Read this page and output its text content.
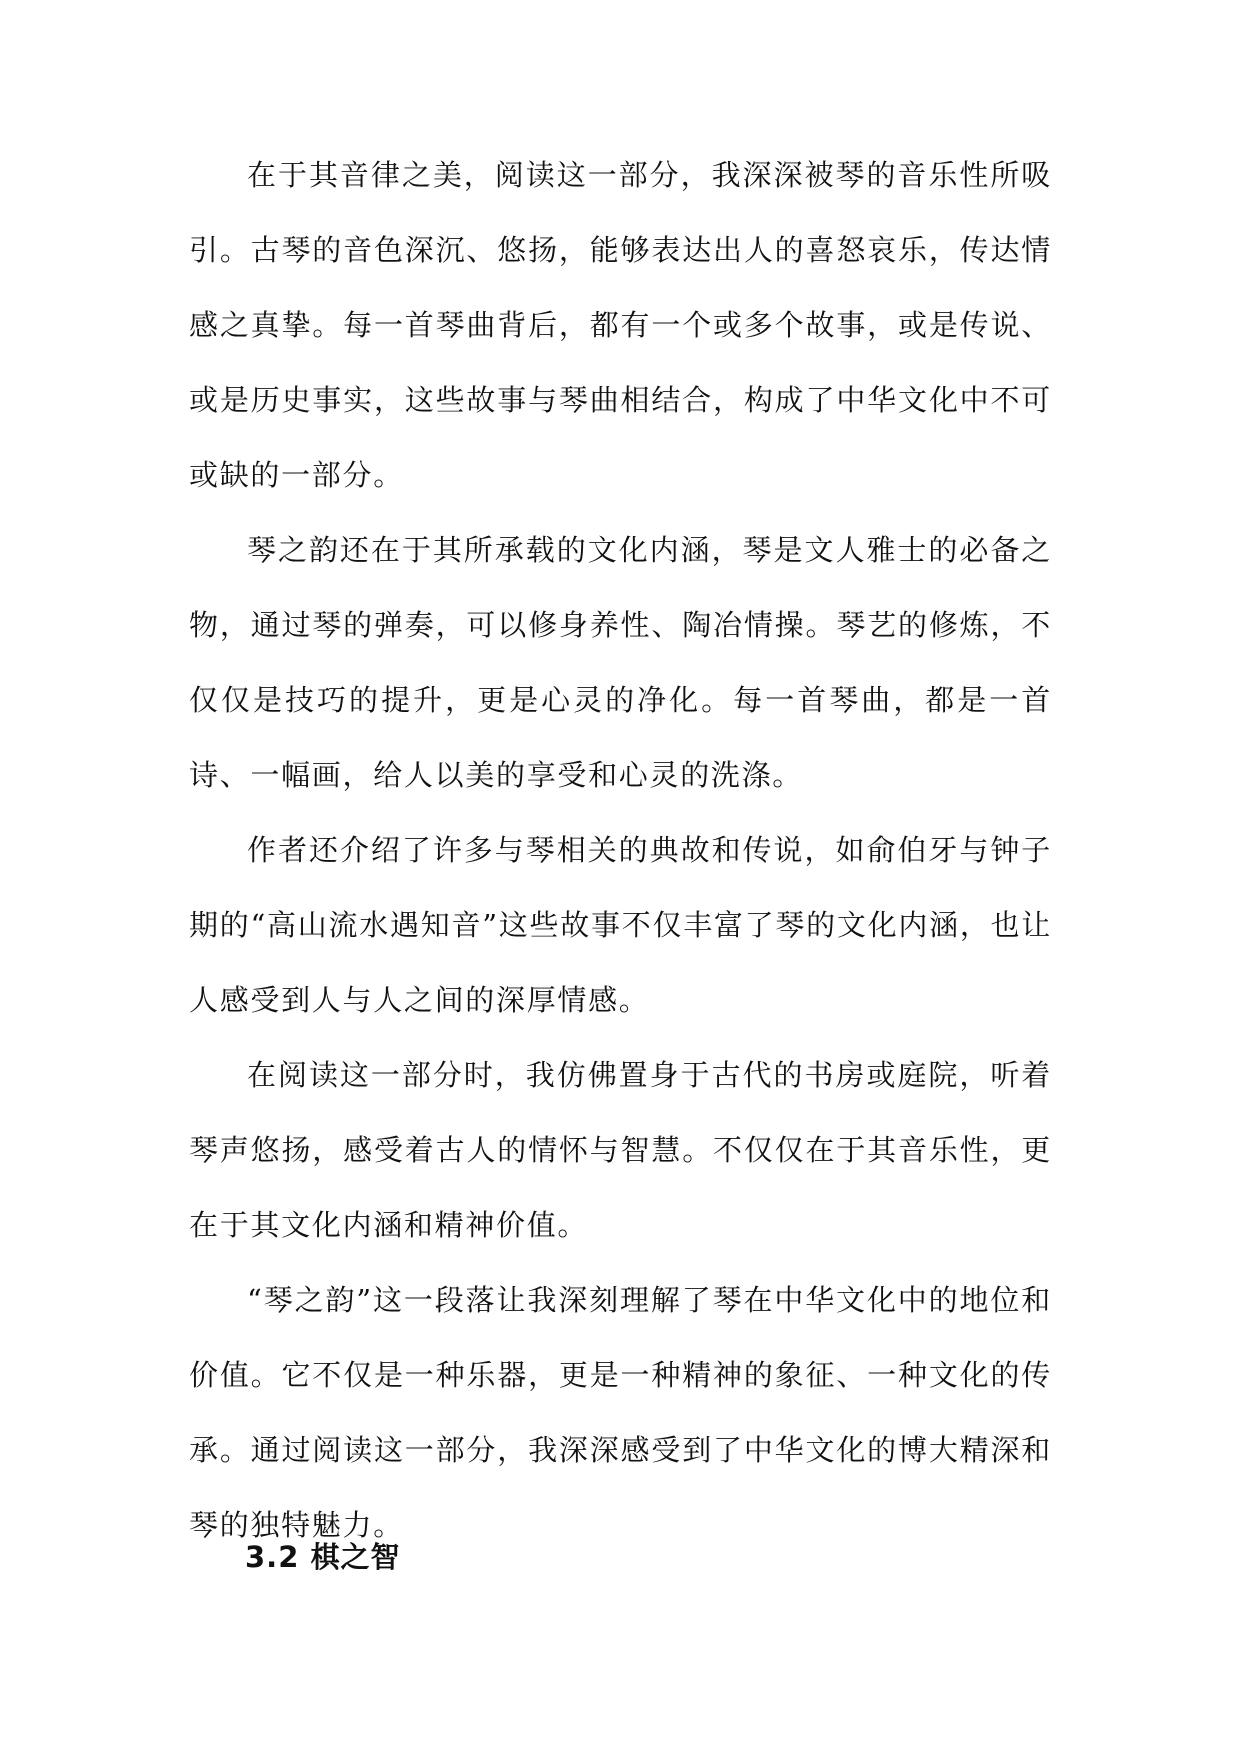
在于其音律之美，阅读这一部分，我深深被琴的音乐性所吸引。古琴的音色深沉、悠扬，能够表达出人的喜怒哀乐，传达情感之真挚。每一首琴曲背后，都有一个或多个故事，或是传说、或是历史事实，这些故事与琴曲相结合，构成了中华文化中不可或缺的一部分。

琴之韵还在于其所承载的文化内涵，琴是文人雅士的必备之物，通过琴的弹奏，可以修身养性、陶冶情操。琴艺的修炼，不仅仅是技巧的提升，更是心灵的净化。每一首琴曲，都是一首诗、一幅画，给人以美的享受和心灵的洗涤。

作者还介绍了许多与琴相关的典故和传说，如俞伯牙与钟子期的“高山流水遇知音”这些故事不仅丰富了琴的文化内涵，也让人感受到人与人之间的深厚情感。

在阅读这一部分时，我仿佛置身于古代的书房或庭院，听着琴声悠扬，感受着古人的情怀与智慧。不仅仅在于其音乐性，更在于其文化内涵和精神价值。

“琴之韵”这一段落让我深刻理解了琴在中华文化中的地位和价值。它不仅是一种乐器，更是一种精神的象征、一种文化的传承。通过阅读这一部分，我深深感受到了中华文化的博大精深和琴的独特魅力。

3.2 棋之智
